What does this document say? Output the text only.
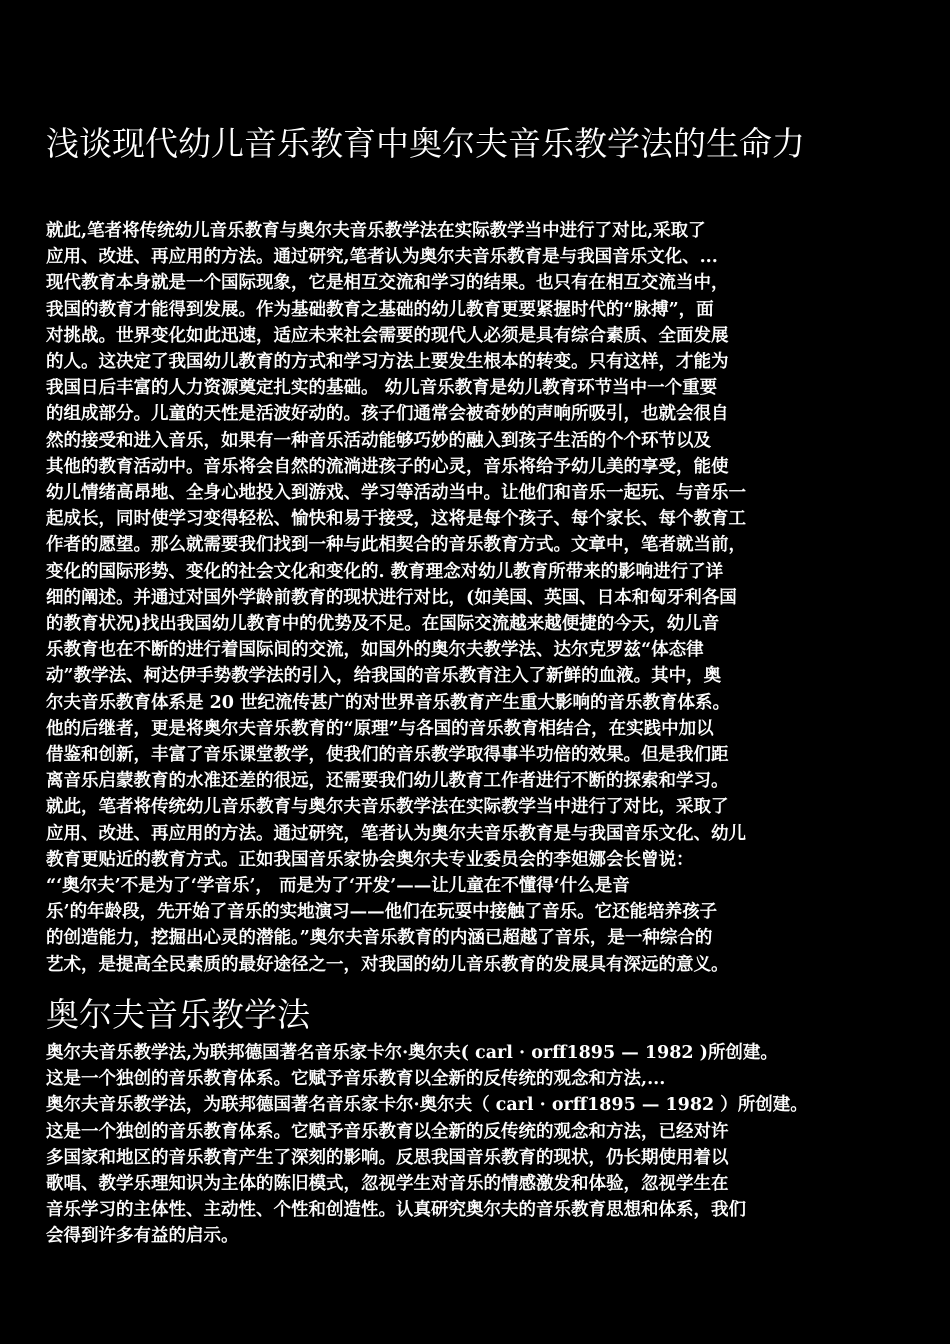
浅谈现代幼儿音乐教育中奥尔夫音乐教学法的生命力

就此,笔者将传统幼儿音乐教育与奥尔夫音乐教学法在实际教学当中进行了对比,采取了

应用、改进、再应用的方法。通过研究,笔者认为奥尔夫音乐教育是与我国音乐文化、...

现代教育本身就是一个国际现象，它是相互交流和学习的结果。也只有在相互交流当中，

我国的教育才能得到发展。作为基础教育之基础的幼儿教育更要紧握时代的“脉搏”，面

对挑战。世界变化如此迅速，适应未来社会需要的现代人必须是具有综合素质、全面发展

的人。这决定了我国幼儿教育的方式和学习方法上要发生根本的转变。只有这样，才能为

我国日后丰富的人力资源奠定扎实的基础。 幼儿音乐教育是幼儿教育环节当中一个重要

的组成部分。儿童的天性是活波好动的。孩子们通常会被奇妙的声响所吸引，也就会很自

然的接受和进入音乐，如果有一种音乐活动能够巧妙的融入到孩子生活的个个环节以及

其他的教育活动中。音乐将会自然的流淌进孩子的心灵，音乐将给予幼儿美的享受，能使

幼儿情绪高昂地、全身心地投入到游戏、学习等活动当中。让他们和音乐一起玩、与音乐一

起成长，同时使学习变得轻松、愉快和易于接受，这将是每个孩子、每个家长、每个教育工

作者的愿望。那么就需要我们找到一种与此相契合的音乐教育方式。文章中，笔者就当前，

变化的国际形势、变化的社会文化和变化的. 教育理念对幼儿教育所带来的影响进行了详

细的阐述。并通过对国外学龄前教育的现状进行对比，(如美国、英国、日本和匈牙利各国

的教育状况)找出我国幼儿教育中的优势及不足。在国际交流越来越便捷的今天，幼儿音

乐教育也在不断的进行着国际间的交流，如国外的奥尔夫教学法、达尔克罗兹“体态律

动”教学法、柯达伊手势教学法的引入，给我国的音乐教育注入了新鲜的血液。其中，奥

尔夫音乐教育体系是 20 世纪流传甚广的对世界音乐教育产生重大影响的音乐教育体系。

他的后继者，更是将奥尔夫音乐教育的“原理”与各国的音乐教育相结合，在实践中加以

借鉴和创新，丰富了音乐课堂教学，使我们的音乐教学取得事半功倍的效果。但是我们距

离音乐启蒙教育的水准还差的很远，还需要我们幼儿教育工作者进行不断的探索和学习。

就此，笔者将传统幼儿音乐教育与奥尔夫音乐教学法在实际教学当中进行了对比，采取了

应用、改进、再应用的方法。通过研究，笔者认为奥尔夫音乐教育是与我国音乐文化、幼儿

教育更贴近的教育方式。正如我国音乐家协会奥尔夫专业委员会的李妲娜会长曾说：

“‘奥尔夫’不是为了‘学音乐’， 而是为了‘开发’——让儿童在不懂得‘什么是音

乐’的年龄段，先开始了音乐的实地演习——他们在玩耍中接触了音乐。它还能培养孩子

的创造能力，挖掘出心灵的潜能。”奥尔夫音乐教育的内涵已超越了音乐，是一种综合的

艺术，是提高全民素质的最好途径之一，对我国的幼儿音乐教育的发展具有深远的意义。

奥尔夫音乐教学法

奥尔夫音乐教学法,为联邦德国著名音乐家卡尔·奥尔夫( carl · orff1895 — 1982 )所创建。

这是一个独创的音乐教育体系。它赋予音乐教育以全新的反传统的观念和方法,...

奥尔夫音乐教学法，为联邦德国著名音乐家卡尔·奥尔夫（ carl · orff1895 — 1982 ）所创建。

这是一个独创的音乐教育体系。它赋予音乐教育以全新的反传统的观念和方法，已经对许

多国家和地区的音乐教育产生了深刻的影响。反思我国音乐教育的现状，仍长期使用着以

歌唱、教学乐理知识为主体的陈旧模式，忽视学生对音乐的情感激发和体验，忽视学生在

音乐学习的主体性、主动性、个性和创造性。认真研究奥尔夫的音乐教育思想和体系，我们

会得到许多有益的启示。
